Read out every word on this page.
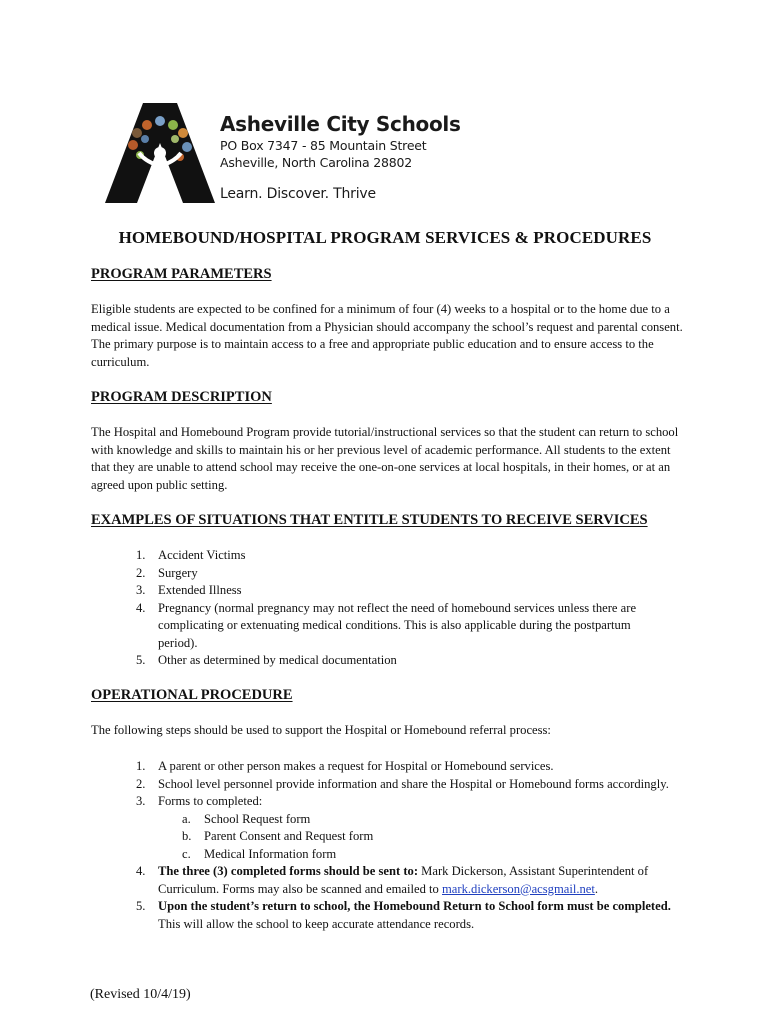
Asheville City Schools
PO Box 7347 - 85 Mountain Street
Asheville, North Carolina 28802
Learn. Discover. Thrive
HOMEBOUND/HOSPITAL PROGRAM SERVICES & PROCEDURES
PROGRAM PARAMETERS
Eligible students are expected to be confined for a minimum of four (4) weeks to a hospital or to the home due to a medical issue. Medical documentation from a Physician should accompany the school’s request and parental consent. The primary purpose is to maintain access to a free and appropriate public education and to ensure access to the curriculum.
PROGRAM DESCRIPTION
The Hospital and Homebound Program provide tutorial/instructional services so that the student can return to school with knowledge and skills to maintain his or her previous level of academic performance. All students to the extent that they are unable to attend school may receive the one-on-one services at local hospitals, in their homes, or at an agreed upon public setting.
EXAMPLES OF SITUATIONS THAT ENTITLE STUDENTS TO RECEIVE SERVICES
1. Accident Victims
2. Surgery
3. Extended Illness
4. Pregnancy (normal pregnancy may not reflect the need of homebound services unless there are complicating or extenuating medical conditions. This is also applicable during the postpartum period).
5. Other as determined by medical documentation
OPERATIONAL PROCEDURE
The following steps should be used to support the Hospital or Homebound referral process:
1. A parent or other person makes a request for Hospital or Homebound services.
2. School level personnel provide information and share the Hospital or Homebound forms accordingly.
3. Forms to completed:
a. School Request form
b. Parent Consent and Request form
c. Medical Information form
4. The three (3) completed forms should be sent to: Mark Dickerson, Assistant Superintendent of Curriculum. Forms may also be scanned and emailed to mark.dickerson@acsgmail.net.
5. Upon the student’s return to school, the Homebound Return to School form must be completed. This will allow the school to keep accurate attendance records.
(Revised 10/4/19)
